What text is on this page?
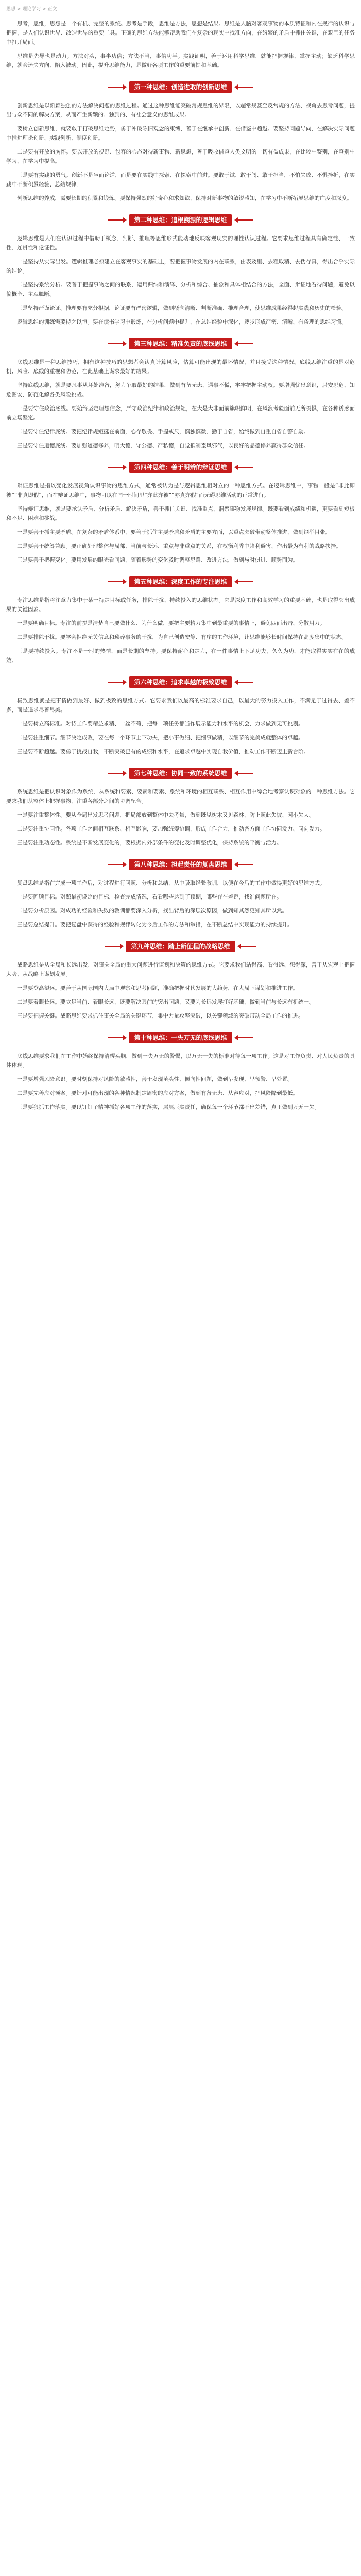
思想 > 理论学习 > 正文

思考，思维，思想是一个有机、完整的系统。思考是手段，思维是方法，思想是结果。思维是人脑对客观事物的本质特征和内在规律的认识与把握，是人们认识世界、改造世界的重要工具。正确的思维方法能够帮助我们在复杂的现实中找准方向，在纷繁的矛盾中抓住关键，在艰巨的任务中打开局面。

思维是先导也是动力。方法对头，事半功倍；方法不当，事倍功半。实践证明，善于运用科学思维，就能把握规律、掌握主动；缺乏科学思维，就会迷失方向、陷入被动。因此，提升思维能力，是做好各项工作的重要前提和基础。

第一种思维：创造进取的创新思维

创新思维是以新颖独创的方法解决问题的思维过程。通过这种思维能突破常规思维的界限，以超常规甚至反常规的方法、视角去思考问题，提出与众不同的解决方案，从而产生新颖的、独到的、有社会意义的思维成果。

要树立创新思维，就要敢于打破思维定势，勇于冲破陈旧观念的束缚，善于在继承中创新、在借鉴中超越。要坚持问题导向，在解决实际问题中推进理论创新、实践创新、制度创新。

二是要有开放的胸怀。要以开放的视野、包容的心态对待新事物、新思想，善于吸收借鉴人类文明的一切有益成果，在比较中鉴别，在鉴别中学习，在学习中提高。

三是要有实践的勇气。创新不是坐而论道，而是要在实践中探索、在探索中前进。要敢于试、敢于闯、敢于担当，不怕失败、不惧挫折，在实践中不断积累经验、总结规律。

创新思维的养成，需要长期的积累和锻炼。要保持强烈的好奇心和求知欲，保持对新事物的敏锐感知，在学习中不断拓展思维的广度和深度。

第二种思维：追根溯源的逻辑思维

逻辑思维是人们在认识过程中借助于概念、判断、推理等思维形式能动地反映客观现实的理性认识过程。它要求思维过程具有确定性、一致性、连贯性和论证性。

一是坚持从实际出发。逻辑推理必须建立在客观事实的基础上，要把握事物发展的内在联系，由表及里、去粗取精、去伪存真，得出合乎实际的结论。

二是坚持系统分析。要善于把握事物之间的联系，运用归纳和演绎、分析和综合、抽象和具体相结合的方法，全面、辩证地看待问题，避免以偏概全、主观臆断。

三是坚持严谨论证。推理要有充分根据，论证要有严密逻辑，做到概念清晰、判断准确、推理合理，使思维成果经得起实践和历史的检验。

逻辑思维的训练需要持之以恒。要在读书学习中锻炼，在分析问题中提升，在总结经验中深化，逐步形成严密、清晰、有条理的思维习惯。

第三种思维：精准负责的底线思维

底线思维是一种思维技巧，拥有这种技巧的思想者会认真计算风险，估算可能出现的最坏情况，并且接受这种情况。底线思维注重的是对危机、风险、底线的重视和防范，在此基础上谋求最好的结果。

坚持底线思维，就是要凡事从坏处准备，努力争取最好的结果，做到有备无患、遇事不慌，牢牢把握主动权。要增强忧患意识，居安思危、知危图安，防范化解各类风险挑战。

一是要守住政治底线。要始终坚定理想信念，严守政治纪律和政治规矩，在大是大非面前旗帜鲜明，在风浪考验面前无所畏惧，在各种诱惑面前立场坚定。

二是要守住纪律底线。要把纪律规矩挺在前面，心存敬畏、手握戒尺，慎独慎微、勤于自省，始终做到自重自省自警自励。

三是要守住道德底线。要加强道德修养，明大德、守公德、严私德，自觉抵制歪风邪气，以良好的品德修养赢得群众信任。

第四种思维：善于明辨的辩证思维

辩证思维是指以变化发展视角认识事物的思维方式，通常被认为是与逻辑思维相对立的一种思维方式。在逻辑思维中，事物一般是“非此即彼”“非真即假”，而在辩证思维中，事物可以在同一时间里“亦此亦彼”“亦真亦假”而无碍思维活动的正常进行。

坚持辩证思维，就是要承认矛盾、分析矛盾、解决矛盾，善于抓住关键、找准重点，洞察事物发展规律。既要看到成绩和机遇，更要看到短板和不足、困难和挑战。

一是要善于抓主要矛盾。在复杂的矛盾体系中，要善于抓住主要矛盾和矛盾的主要方面，以重点突破带动整体推进，做到纲举目张。

二是要善于统筹兼顾。要正确处理整体与局部、当前与长远、重点与非重点的关系，在权衡利弊中趋利避害、作出最为有利的战略抉择。

三是要善于把握变化。要用发展的眼光看问题，随着形势的变化及时调整思路、改进方法，做到与时俱进、顺势而为。

第五种思维：深度工作的专注思维

专注思维是指将注意力集中于某一特定目标或任务，排除干扰、持续投入的思维状态。它是深度工作和高效学习的重要基础，也是取得突出成果的关键因素。

一是要明确目标。专注的前提是清楚自己要做什么、为什么做，要把主要精力集中到最重要的事情上，避免四面出击、分散用力。

二是要排除干扰。要学会拒绝无关信息和琐碎事务的干扰，为自己创造安静、有序的工作环境，让思维能够长时间保持在高度集中的状态。

三是要持续投入。专注不是一时的热情，而是长期的坚持。要保持耐心和定力，在一件事情上下足功夫，久久为功，才能取得实实在在的成效。

第六种思维：追求卓越的极致思维

极致思维就是把事情做到最好、做到极致的思维方式。它要求我们以最高的标准要求自己，以最大的努力投入工作，不满足于过得去、差不多，而是追求尽善尽美。

一是要树立高标准。对待工作要精益求精、一丝不苟，把每一项任务都当作展示能力和水平的机会，力求做到无可挑剔。

二是要注重细节。细节决定成败，要在每一个环节上下功夫，把小事做细、把细事做精，以细节的完美成就整体的卓越。

三是要不断超越。要勇于挑战自我，不断突破已有的成绩和水平，在追求卓越中实现自我价值，推动工作不断迈上新台阶。

第七种思维：协同一致的系统思维

系统思维是把认识对象作为系统，从系统和要素、要素和要素、系统和环境的相互联系、相互作用中综合地考察认识对象的一种思维方法。它要求我们从整体上把握事物，注重各部分之间的协调配合。

一是要注重整体性。要从全局出发思考问题，把局部放到整体中去考量，做到既见树木又见森林，防止顾此失彼、因小失大。

二是要注重协同性。各项工作之间相互联系、相互影响，要加强统筹协调，形成工作合力，推动各方面工作协同发力、同向发力。

三是要注重动态性。系统是不断发展变化的，要根据内外部条件的变化及时调整优化，保持系统的平衡与活力。

第八种思维：担起责任的复盘思维

复盘思维是指在完成一项工作后，对过程进行回顾、分析和总结，从中吸取经验教训，以便在今后的工作中做得更好的思维方式。

一是要回顾目标。对照最初设定的目标，检查完成情况，看看哪些达到了预期，哪些存在差距，找准问题所在。

二是要分析原因。对成功的经验和失败的教训都要深入分析，找出背后的深层次原因，做到知其然更知其所以然。

三是要总结提升。要把复盘中获得的经验和规律转化为今后工作的方法和举措，在不断总结中实现能力的持续提升。

第九种思维：踏上新征程的战略思维

战略思维是从全局和长远出发，对事关全局的重大问题进行谋划和决策的思维方式。它要求我们站得高、看得远、想得深，善于从宏观上把握大势、从战略上谋划发展。

一是要登高望远。要善于从国际国内大局中观察和思考问题，准确把握时代发展的大趋势，在大局下谋划和推进工作。

二是要着眼长远。要立足当前、着眼长远，既要解决眼前的突出问题，又要为长远发展打好基础，做到当前与长远有机统一。

三是要把握关键。战略思维要求抓住事关全局的关键环节，集中力量攻坚突破，以关键领域的突破带动全局工作的推进。

第十种思维：一失万无的底线思维

底线思维要求我们在工作中始终保持清醒头脑，做到一失万无的警惕，以万无一失的标准对待每一项工作。这是对工作负责、对人民负责的具体体现。

一是要增强风险意识。要时刻保持对风险的敏感性，善于发现苗头性、倾向性问题，做到早发现、早预警、早处置。

二是要完善应对预案。要针对可能出现的各种情况制定周密的应对方案，做到有备无患、从容应对，把风险降到最低。

三是要狠抓工作落实。要以钉钉子精神抓好各项工作的落实，层层压实责任，确保每一个环节都不出差错，真正做到万无一失。
